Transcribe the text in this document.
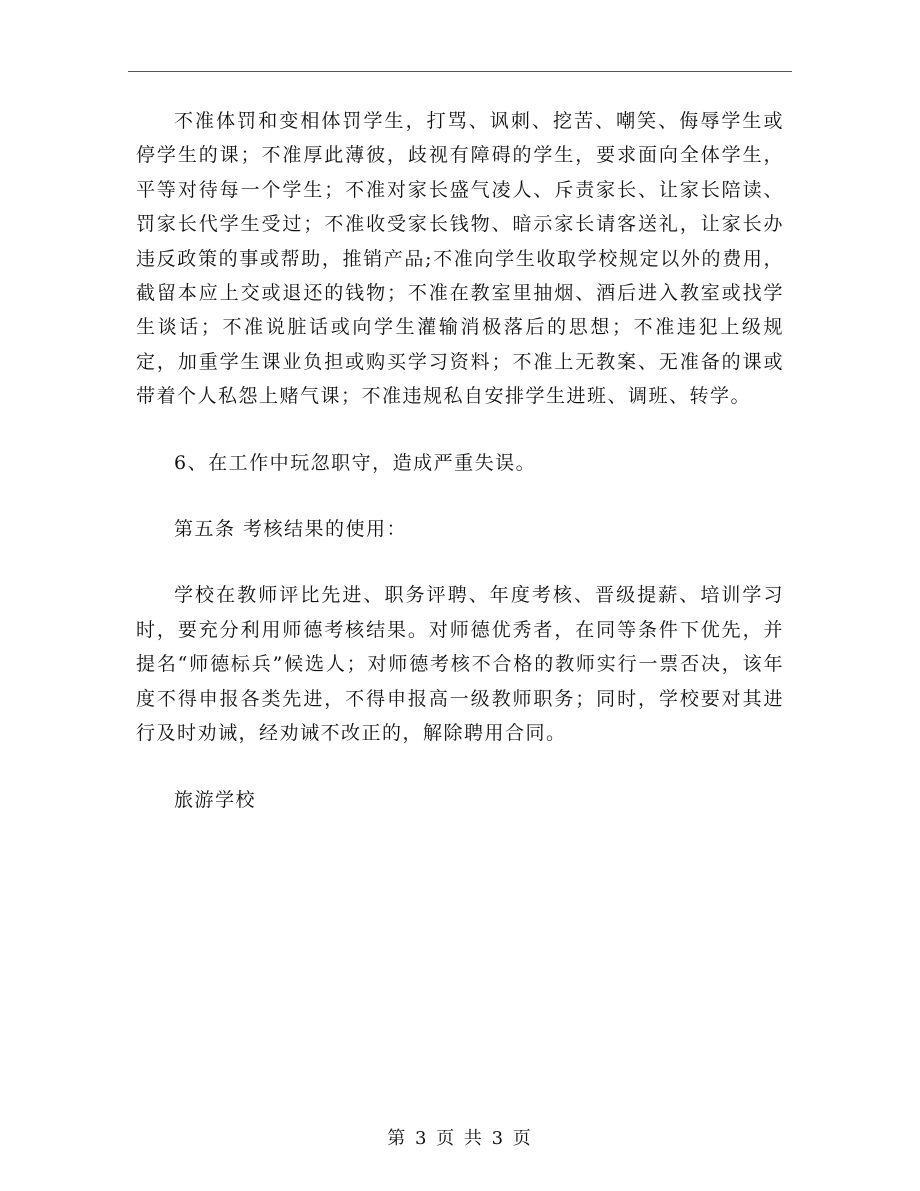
不准体罚和变相体罚学生，打骂、讽刺、挖苦、嘲笑、侮辱学生或停学生的课；不准厚此薄彼，歧视有障碍的学生，要求面向全体学生，平等对待每一个学生；不准对家长盛气凌人、斥责家长、让家长陪读、罚家长代学生受过；不准收受家长钱物、暗示家长请客送礼，让家长办违反政策的事或帮助，推销产品;不准向学生收取学校规定以外的费用，截留本应上交或退还的钱物；不准在教室里抽烟、酒后进入教室或找学生谈话；不准说脏话或向学生灌输消极落后的思想；不准违犯上级规定，加重学生课业负担或购买学习资料；不准上无教案、无准备的课或带着个人私怨上赌气课；不准违规私自安排学生进班、调班、转学。

6、在工作中玩忽职守，造成严重失误。

第五条 考核结果的使用：

学校在教师评比先进、职务评聘、年度考核、晋级提薪、培训学习时，要充分利用师德考核结果。对师德优秀者，在同等条件下优先，并提名“师德标兵”候选人；对师德考核不合格的教师实行一票否决，该年度不得申报各类先进，不得申报高一级教师职务；同时，学校要对其进行及时劝诫，经劝诫不改正的，解除聘用合同。

旅游学校

第 3 页 共 3 页
